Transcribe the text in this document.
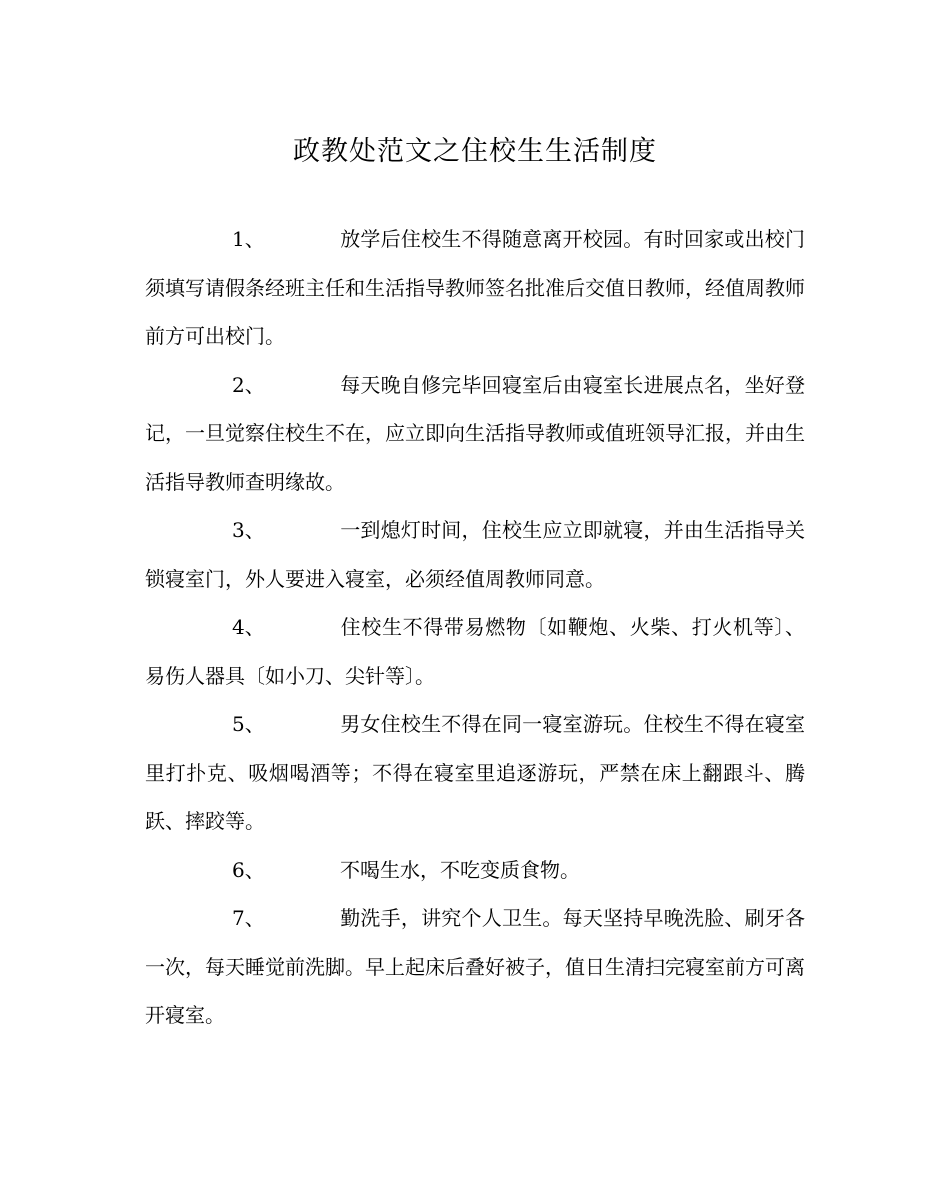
政教处范文之住校生生活制度

1、	放学后住校生不得随意离开校园。有时回家或出校门须填写请假条经班主任和生活指导教师签名批准后交值日教师，经值周教师前方可出校门。

2、	每天晚自修完毕回寝室后由寝室长进展点名，坐好登记，一旦觉察住校生不在，应立即向生活指导教师或值班领导汇报，并由生活指导教师查明缘故。

3、	一到熄灯时间，住校生应立即就寝，并由生活指导关锁寝室门，外人要进入寝室，必须经值周教师同意。

4、	住校生不得带易燃物〔如鞭炮、火柴、打火机等〕、易伤人器具〔如小刀、尖针等〕。

5、	男女住校生不得在同一寝室游玩。住校生不得在寝室里打扑克、吸烟喝酒等；不得在寝室里追逐游玩，严禁在床上翻跟斗、腾跃、摔跤等。

6、	不喝生水，不吃变质食物。

7、	勤洗手，讲究个人卫生。每天坚持早晚洗脸、刷牙各一次，每天睡觉前洗脚。早上起床后叠好被子，值日生清扫完寝室前方可离开寝室。
